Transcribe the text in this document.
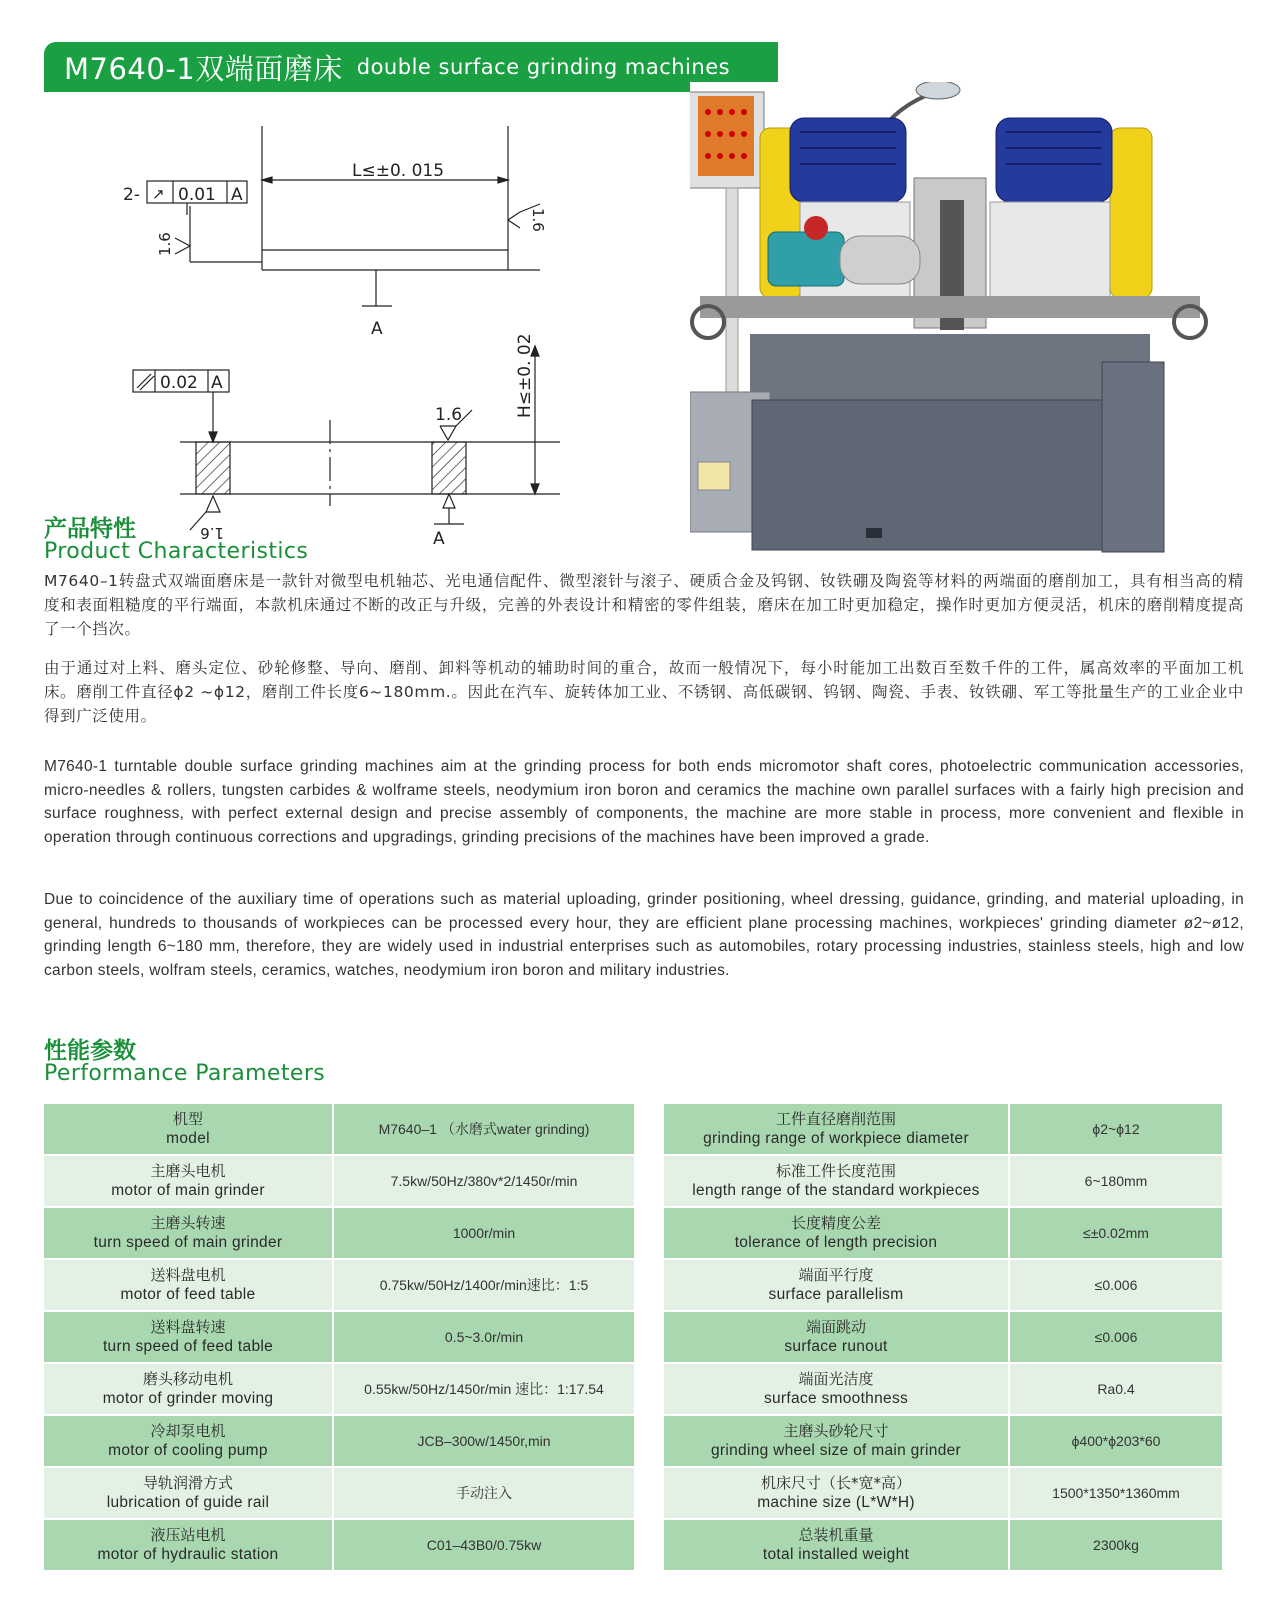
M7640-1双端面磨床 double surface grinding machines
2- ↗ 0.01 A
L≤±0. 015
1.6
1.6
A
0.02 A
1.6
1.6
H≤±0. 02
A
产品特性
Product Characteristics
M7640–1转盘式双端面磨床是一款针对微型电机轴芯、光电通信配件、微型滚针与滚子、硬质合金及钨钢、钕铁硼及陶瓷等材料的两端面的磨削加工，具有相当高的精度和表面粗糙度的平行端面，本款机床通过不断的改正与升级，完善的外表设计和精密的零件组装，磨床在加工时更加稳定，操作时更加方便灵活，机床的磨削精度提高了一个挡次。
由于通过对上料、磨头定位、砂轮修整、导向、磨削、卸料等机动的辅助时间的重合，故而一般情况下，每小时能加工出数百至数千件的工件，属高效率的平面加工机床。磨削工件直径ϕ2 ~ϕ12，磨削工件长度6~180mm.。因此在汽车、旋转体加工业、不锈钢、高低碳钢、钨钢、陶瓷、手表、钕铁硼、军工等批量生产的工业企业中得到广泛使用。
M7640-1 turntable double surface grinding machines aim at the grinding process for both ends micromotor shaft cores, photoelectric communication accessories, micro-needles & rollers, tungsten carbides & wolframe steels, neodymium iron boron and ceramics the machine own parallel surfaces with a fairly high precision and surface roughness, with perfect external design and precise assembly of components, the machine are more stable in process, more convenient and flexible in operation through continuous corrections and upgradings, grinding precisions of the machines have been improved a grade.
Due to coincidence of the auxiliary time of operations such as material uploading, grinder positioning, wheel dressing, guidance, grinding, and material uploading, in general, hundreds to thousands of workpieces can be processed every hour, they are efficient plane processing machines, workpieces' grinding diameter ø2~ø12, grinding length 6~180 mm, therefore, they are widely used in industrial enterprises such as automobiles, rotary processing industries, stainless steels, high and low carbon steels, wolfram steels, ceramics, watches, neodymium iron boron and military industries.
性能参数
Performance Parameters
机型
model	M7640–1 （水磨式water grinding)

主磨头电机
motor of main grinder	7.5kw/50Hz/380v*2/1450r/min

主磨头转速
turn speed of main grinder	1000r/min

送料盘电机
motor of feed table	0.75kw/50Hz/1400r/min速比：1:5

送料盘转速
turn speed of feed table	0.5~3.0r/min

磨头移动电机
motor of grinder moving	0.55kw/50Hz/1450r/min 速比：1:17.54

冷却泵电机
motor of cooling pump	JCB–300w/1450r,min

导轨润滑方式
lubrication of guide rail	手动注入

液压站电机
motor of hydraulic station	C01–43B0/0.75kw
工件直径磨削范围
grinding range of workpiece diameter	ϕ2~ϕ12

标准工件长度范围
length range of the standard workpieces	6~180mm

长度精度公差
tolerance of length precision	≤±0.02mm

端面平行度
surface parallelism	≤0.006

端面跳动
surface runout	≤0.006

端面光洁度
surface smoothness	Ra0.4

主磨头砂轮尺寸
grinding wheel size of main grinder	ϕ400*ϕ203*60

机床尺寸（长*宽*高）
machine size (L*W*H)	1500*1350*1360mm

总装机重量
total installed weight	2300kg
